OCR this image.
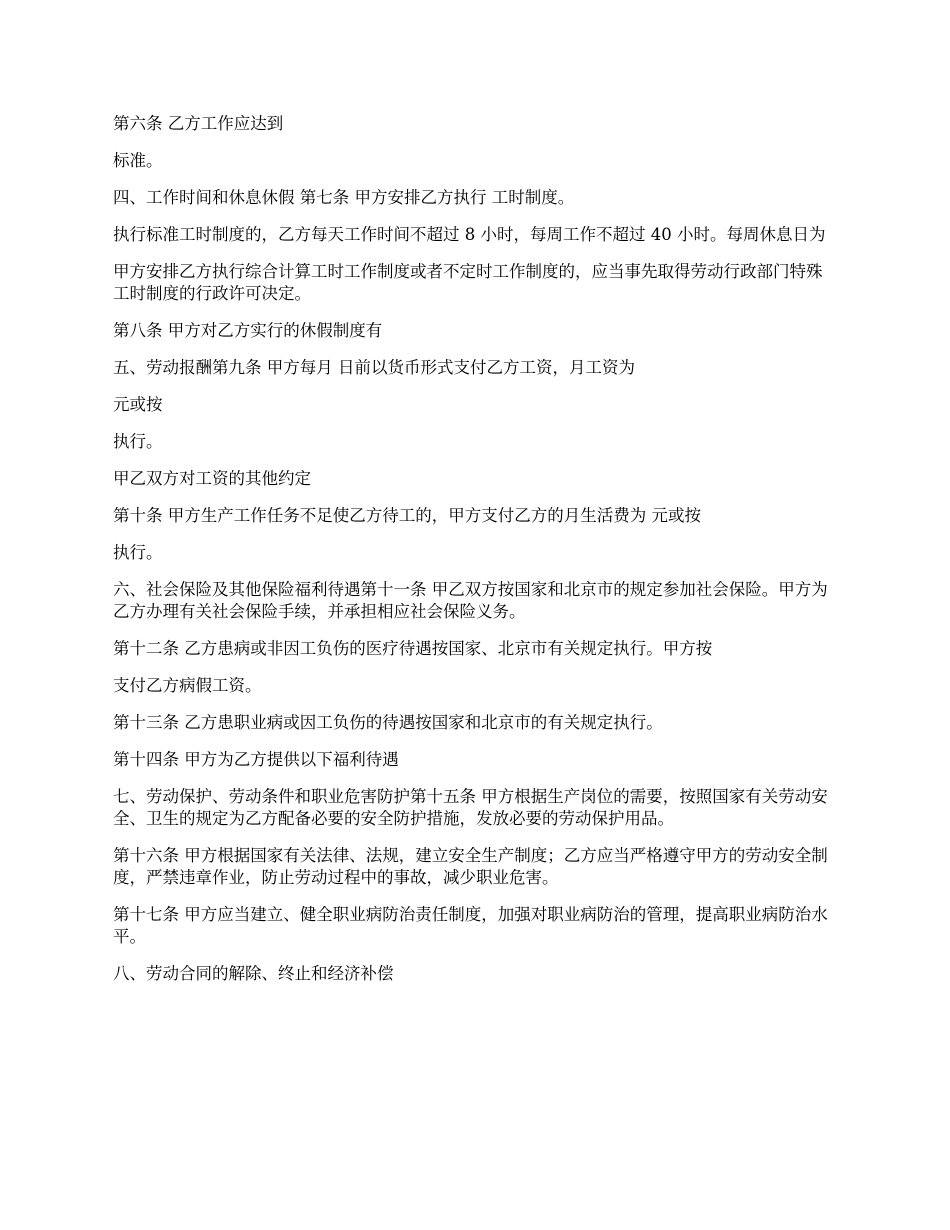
第六条 乙方工作应达到

标准。

四、工作时间和休息休假 第七条 甲方安排乙方执行 工时制度。

执行标准工时制度的，乙方每天工作时间不超过 8 小时，每周工作不超过 40 小时。每周休息日为

甲方安排乙方执行综合计算工时工作制度或者不定时工作制度的，应当事先取得劳动行政部门特殊工时制度的行政许可决定。

第八条 甲方对乙方实行的休假制度有

五、劳动报酬第九条 甲方每月 日前以货币形式支付乙方工资，月工资为

元或按

执行。

甲乙双方对工资的其他约定

第十条 甲方生产工作任务不足使乙方待工的，甲方支付乙方的月生活费为 元或按

执行。

六、社会保险及其他保险福利待遇第十一条 甲乙双方按国家和北京市的规定参加社会保险。甲方为乙方办理有关社会保险手续，并承担相应社会保险义务。

第十二条 乙方患病或非因工负伤的医疗待遇按国家、北京市有关规定执行。甲方按

支付乙方病假工资。

第十三条 乙方患职业病或因工负伤的待遇按国家和北京市的有关规定执行。

第十四条 甲方为乙方提供以下福利待遇

七、劳动保护、劳动条件和职业危害防护第十五条 甲方根据生产岗位的需要，按照国家有关劳动安全、卫生的规定为乙方配备必要的安全防护措施，发放必要的劳动保护用品。

第十六条 甲方根据国家有关法律、法规，建立安全生产制度；乙方应当严格遵守甲方的劳动安全制度，严禁违章作业，防止劳动过程中的事故，减少职业危害。

第十七条 甲方应当建立、健全职业病防治责任制度，加强对职业病防治的管理，提高职业病防治水平。

八、劳动合同的解除、终止和经济补偿
